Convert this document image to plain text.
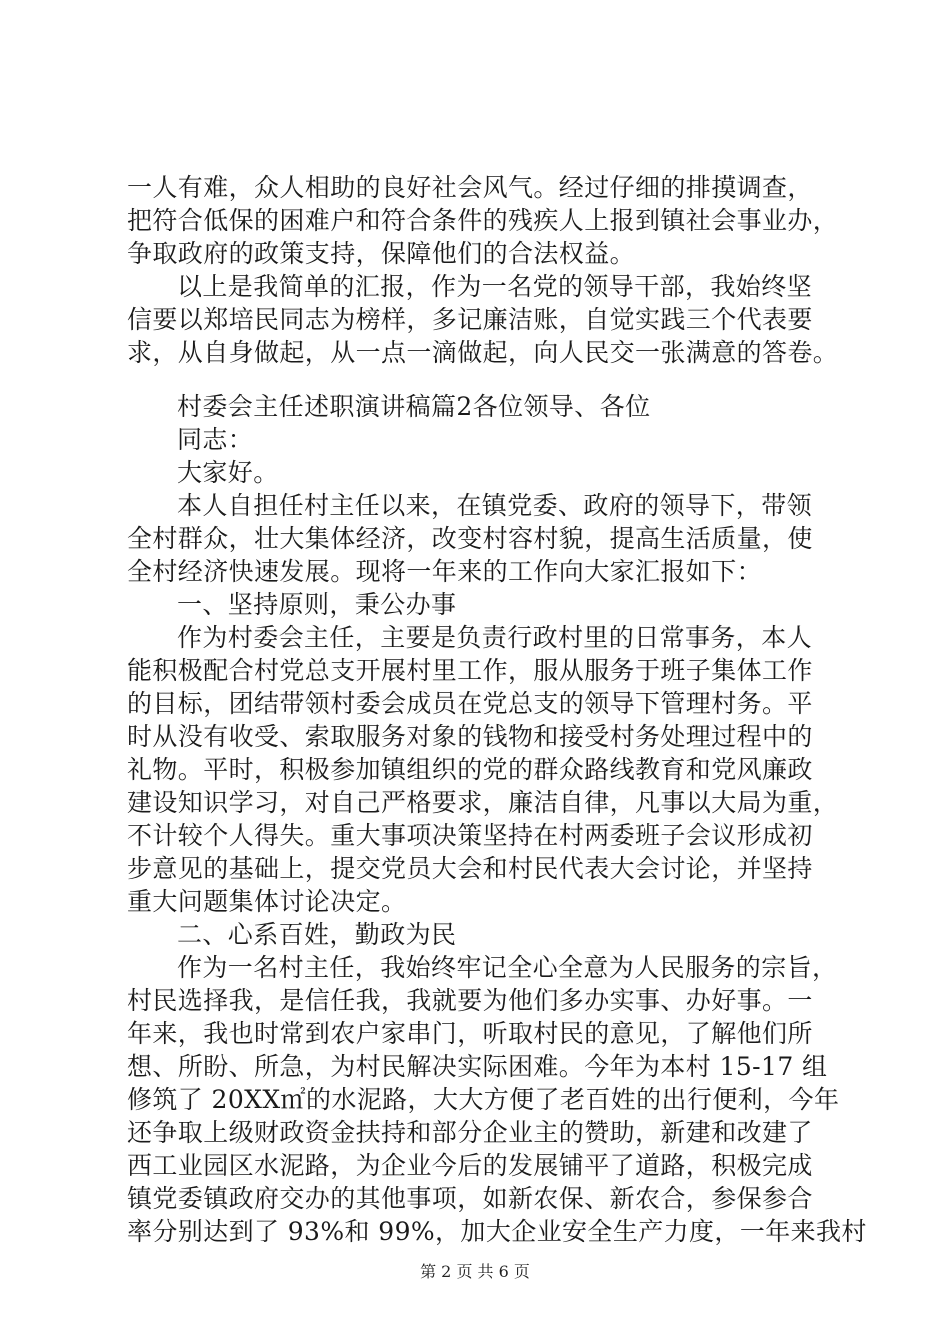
一人有难，众人相助的良好社会风气。经过仔细的排摸调查，
把符合低保的困难户和符合条件的残疾人上报到镇社会事业办，
争取政府的政策支持，保障他们的合法权益。
以上是我简单的汇报，作为一名党的领导干部，我始终坚
信要以郑培民同志为榜样，多记廉洁账，自觉实践三个代表要
求，从自身做起，从一点一滴做起，向人民交一张满意的答卷。
村委会主任述职演讲稿篇2各位领导、各位
同志：
大家好。
本人自担任村主任以来，在镇党委、政府的领导下，带领
全村群众，壮大集体经济，改变村容村貌，提高生活质量，使
全村经济快速发展。现将一年来的工作向大家汇报如下：
一、坚持原则，秉公办事
作为村委会主任，主要是负责行政村里的日常事务，本人
能积极配合村党总支开展村里工作，服从服务于班子集体工作
的目标，团结带领村委会成员在党总支的领导下管理村务。平
时从没有收受、索取服务对象的钱物和接受村务处理过程中的
礼物。平时，积极参加镇组织的党的群众路线教育和党风廉政
建设知识学习，对自己严格要求，廉洁自律，凡事以大局为重，
不计较个人得失。重大事项决策坚持在村两委班子会议形成初
步意见的基础上，提交党员大会和村民代表大会讨论，并坚持
重大问题集体讨论决定。
二、心系百姓，勤政为民
作为一名村主任，我始终牢记全心全意为人民服务的宗旨，
村民选择我，是信任我，我就要为他们多办实事、办好事。一
年来，我也时常到农户家串门，听取村民的意见，了解他们所
想、所盼、所急，为村民解决实际困难。今年为本村 15-17 组
修筑了 20XX㎡的水泥路，大大方便了老百姓的出行便利，今年
还争取上级财政资金扶持和部分企业主的赞助，新建和改建了
西工业园区水泥路，为企业今后的发展铺平了道路，积极完成
镇党委镇政府交办的其他事项，如新农保、新农合，参保参合
率分别达到了 93%和 99%，加大企业安全生产力度，一年来我村
第 2 页 共 6 页
